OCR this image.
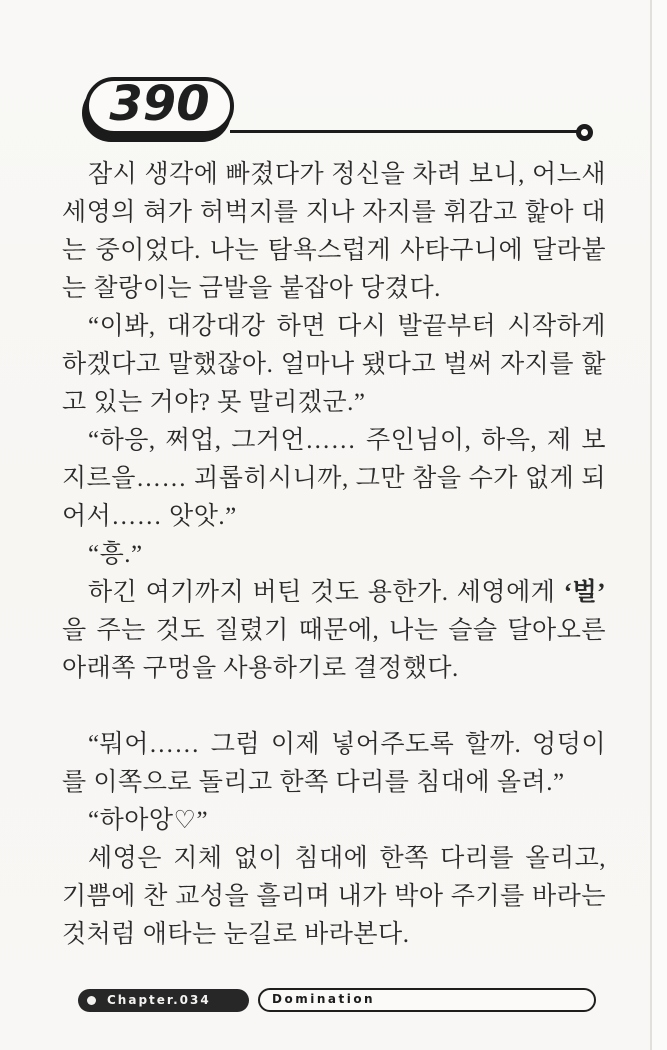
390

잠시 생각에 빠졌다가 정신을 차려 보니, 어느새 세영의 혀가 허벅지를 지나 자지를 휘감고 핥아 대는 중이었다. 나는 탐욕스럽게 사타구니에 달라붙는 찰랑이는 금발을 붙잡아 당겼다.

“이봐, 대강대강 하면 다시 발끝부터 시작하게 하겠다고 말했잖아. 얼마나 됐다고 벌써 자지를 핥고 있는 거야? 못 말리겠군.”

“하응, 쩌업, 그거언…… 주인님이, 하윽, 제 보지르을…… 괴롭히시니까, 그만 참을 수가 없게 되어서…… 앗앗.”

“흥.”

하긴 여기까지 버틴 것도 용한가. 세영에게 ‘벌’ 을 주는 것도 질렸기 때문에, 나는 슬슬 달아오른 아래쪽 구멍을 사용하기로 결정했다.

“뭐어…… 그럼 이제 넣어주도록 할까. 엉덩이를 이쪽으로 돌리고 한쪽 다리를 침대에 올려.”

“하아앙♡”

세영은 지체 없이 침대에 한쪽 다리를 올리고, 기쁨에 찬 교성을 흘리며 내가 박아 주기를 바라는 것처럼 애타는 눈길로 바라본다.

Chapter.034	Domination
